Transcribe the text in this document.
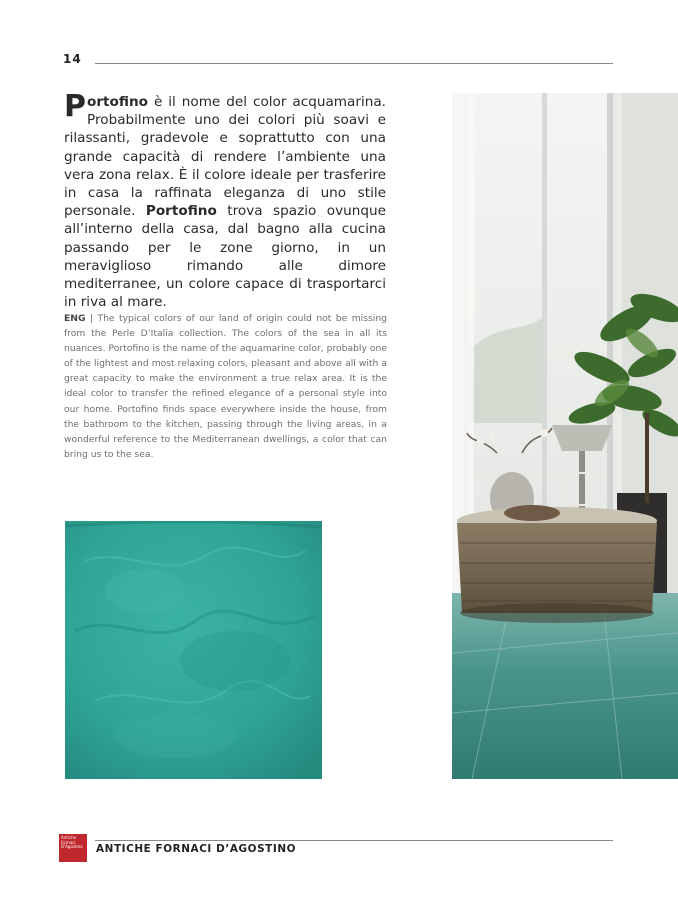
14

Portofino è il nome del color acquamarina. Probabilmente uno dei colori più soavi e rilassanti, gradevole e soprattutto con una grande capacità di rendere l’ambiente una vera zona relax. È il colore ideale per trasferire in casa la raffinata eleganza di uno stile personale. Portofino trova spazio ovunque all’interno della casa, dal bagno alla cucina passando per le zone giorno, in un meraviglioso rimando alle dimore mediterranee, un colore capace di trasportarci in riva al mare.

ENG | The typical colors of our land of origin could not be missing from the Perle D’Italia collection. The colors of the sea in all its nuances. Portofino is the name of the aquamarine color, probably one of the lightest and most relaxing colors, pleasant and above all with a great capacity to make the environment a true relax area. It is the ideal color to transfer the refined elegance of a personal style into our home. Portofino finds space everywhere inside the house, from the bathroom to the kitchen, passing through the living areas, in a wonderful reference to the Mediterranean dwellings, a color that can bring us to the sea.

Antiche
Fornaci
D'Agostino ANTICHE FORNACI D’AGOSTINO
